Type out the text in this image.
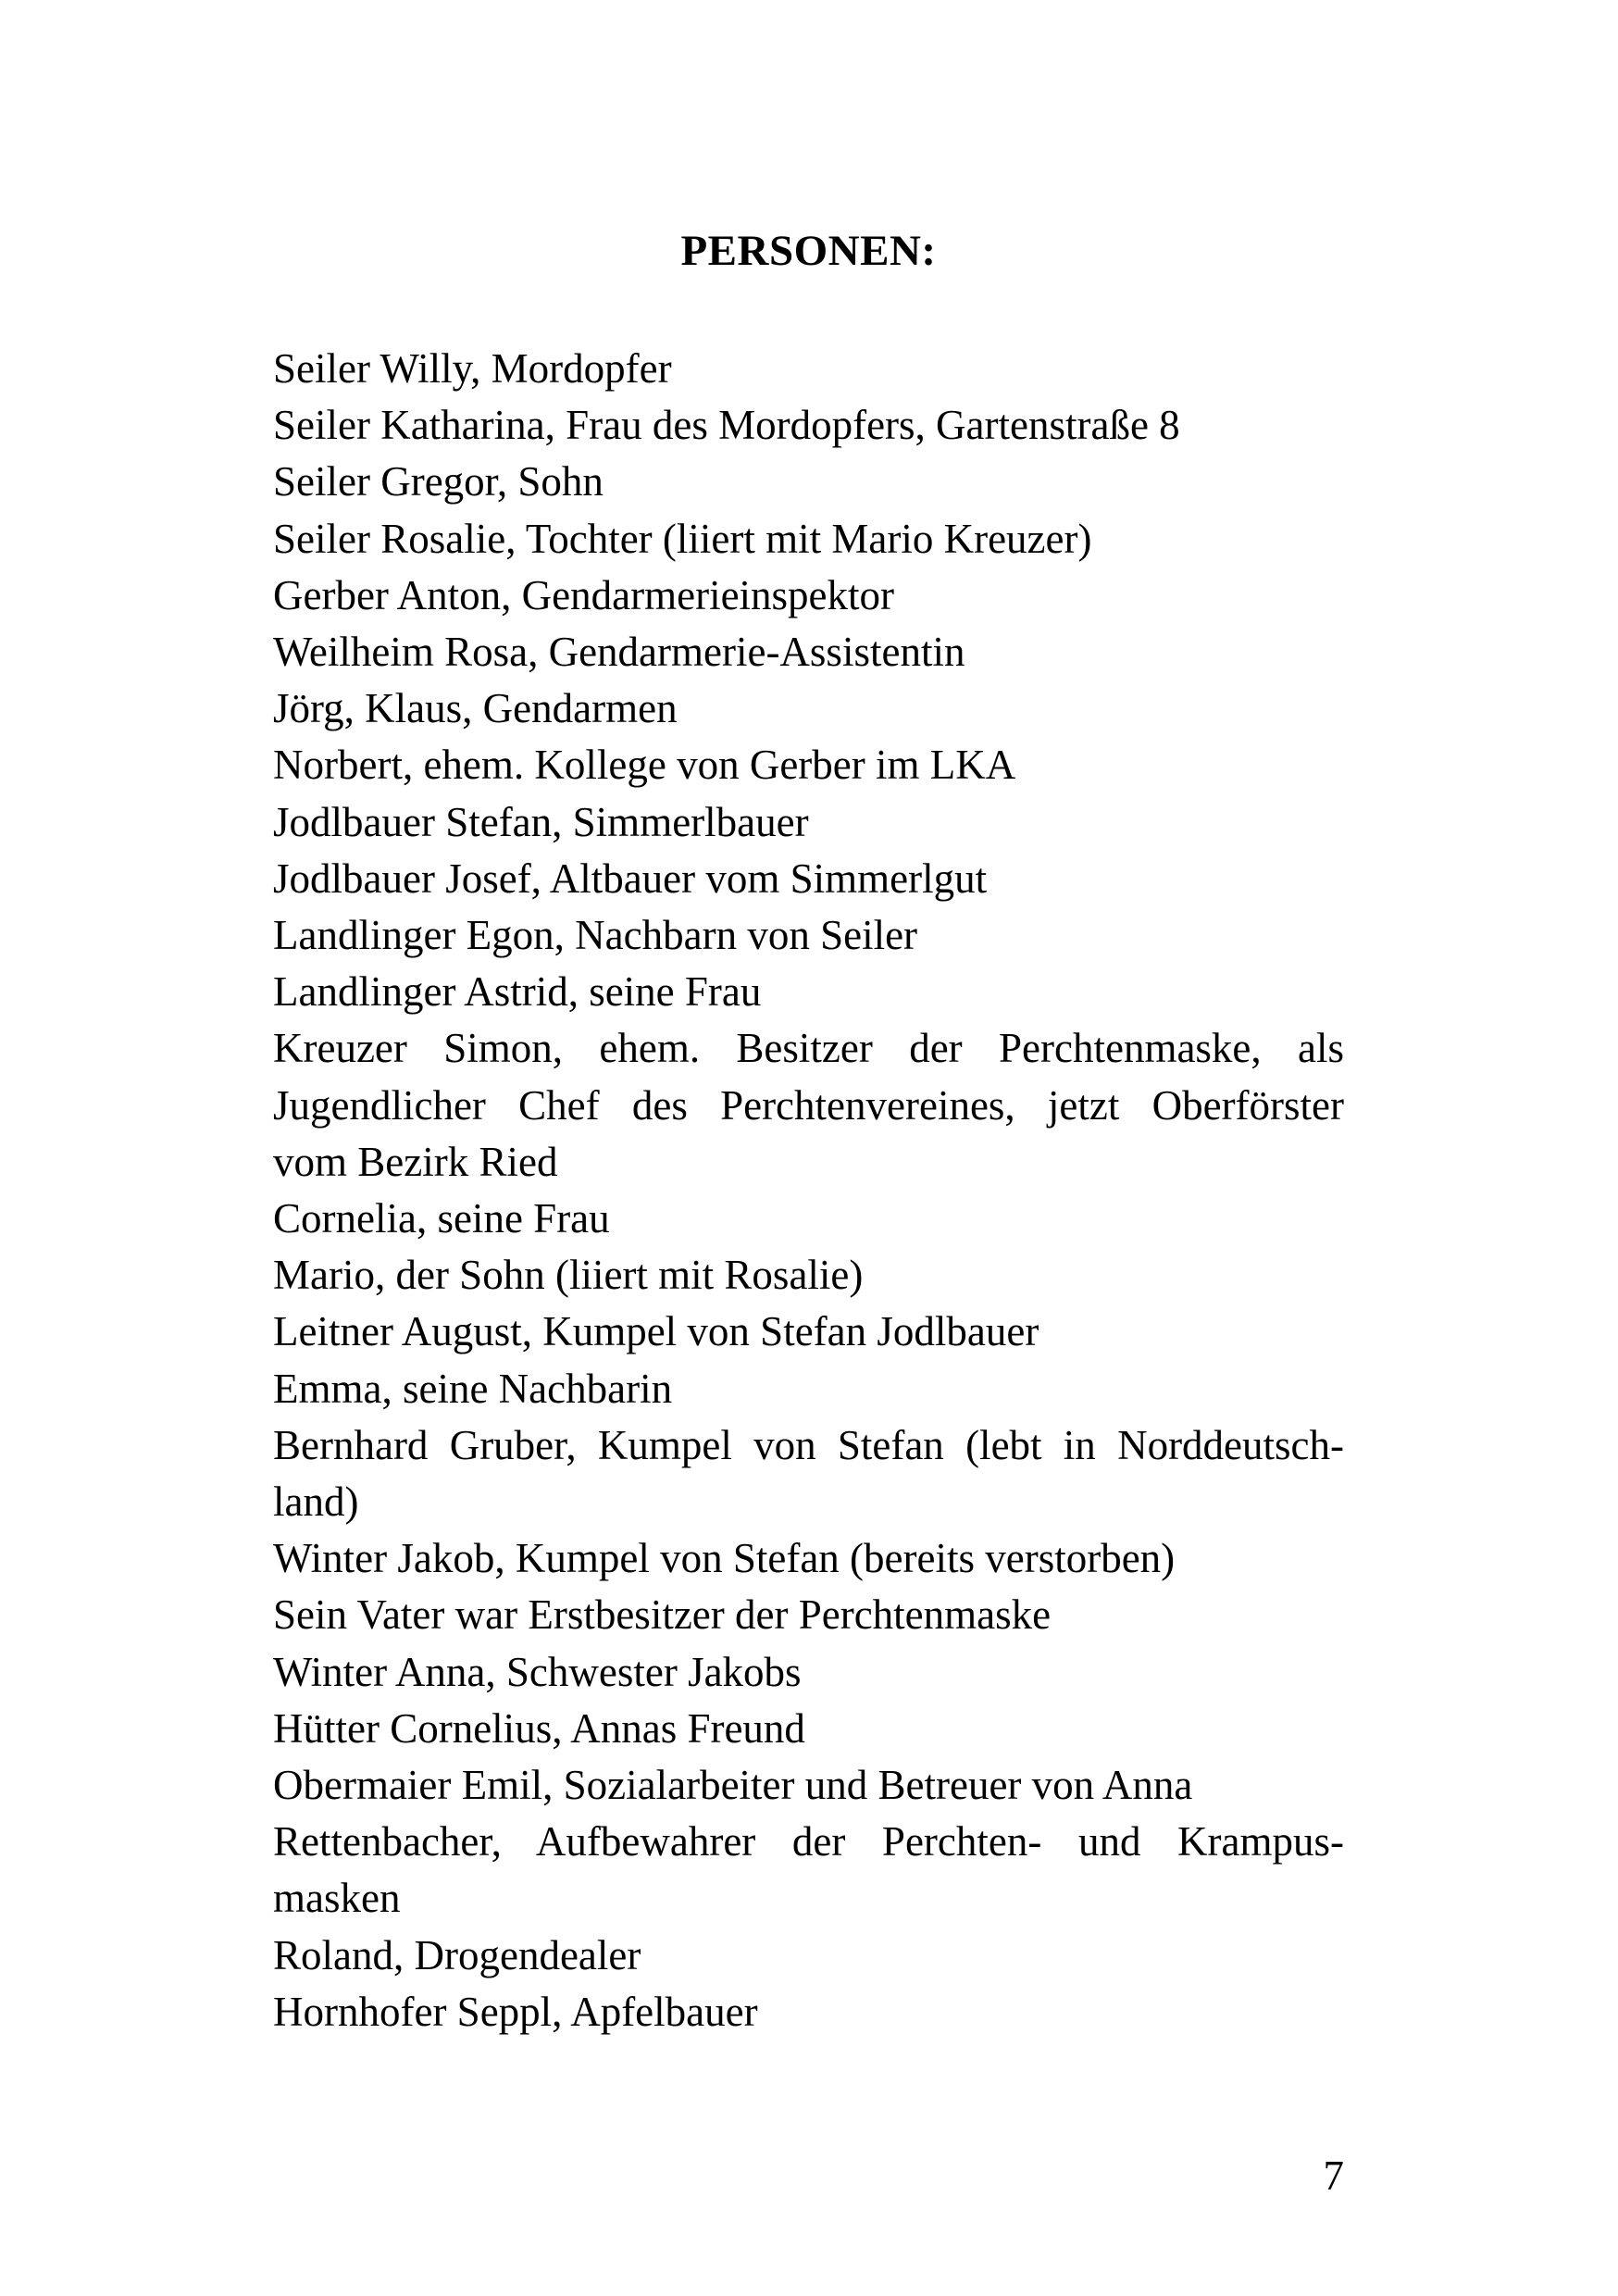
PERSONEN:
Seiler Willy, Mordopfer
Seiler Katharina, Frau des Mordopfers, Gartenstraße 8
Seiler Gregor, Sohn
Seiler Rosalie, Tochter (liiert mit Mario Kreuzer)
Gerber Anton, Gendarmerieinspektor
Weilheim Rosa, Gendarmerie-Assistentin
Jörg, Klaus, Gendarmen
Norbert, ehem. Kollege von Gerber im LKA
Jodlbauer Stefan, Simmerlbauer
Jodlbauer Josef, Altbauer vom Simmerlgut
Landlinger Egon, Nachbarn von Seiler
Landlinger Astrid, seine Frau
Kreuzer Simon, ehem. Besitzer der Perchtenmaske, als
Jugendlicher Chef des Perchtenvereines, jetzt Oberförster
vom Bezirk Ried
Cornelia, seine Frau
Mario, der Sohn (liiert mit Rosalie)
Leitner August, Kumpel von Stefan Jodlbauer
Emma, seine Nachbarin
Bernhard Gruber, Kumpel von Stefan (lebt in Norddeutsch-
land)
Winter Jakob, Kumpel von Stefan (bereits verstorben)
Sein Vater war Erstbesitzer der Perchtenmaske
Winter Anna, Schwester Jakobs
Hütter Cornelius, Annas Freund
Obermaier Emil, Sozialarbeiter und Betreuer von Anna
Rettenbacher, Aufbewahrer der Perchten- und Krampus-
masken
Roland, Drogendealer
Hornhofer Seppl, Apfelbauer
7
